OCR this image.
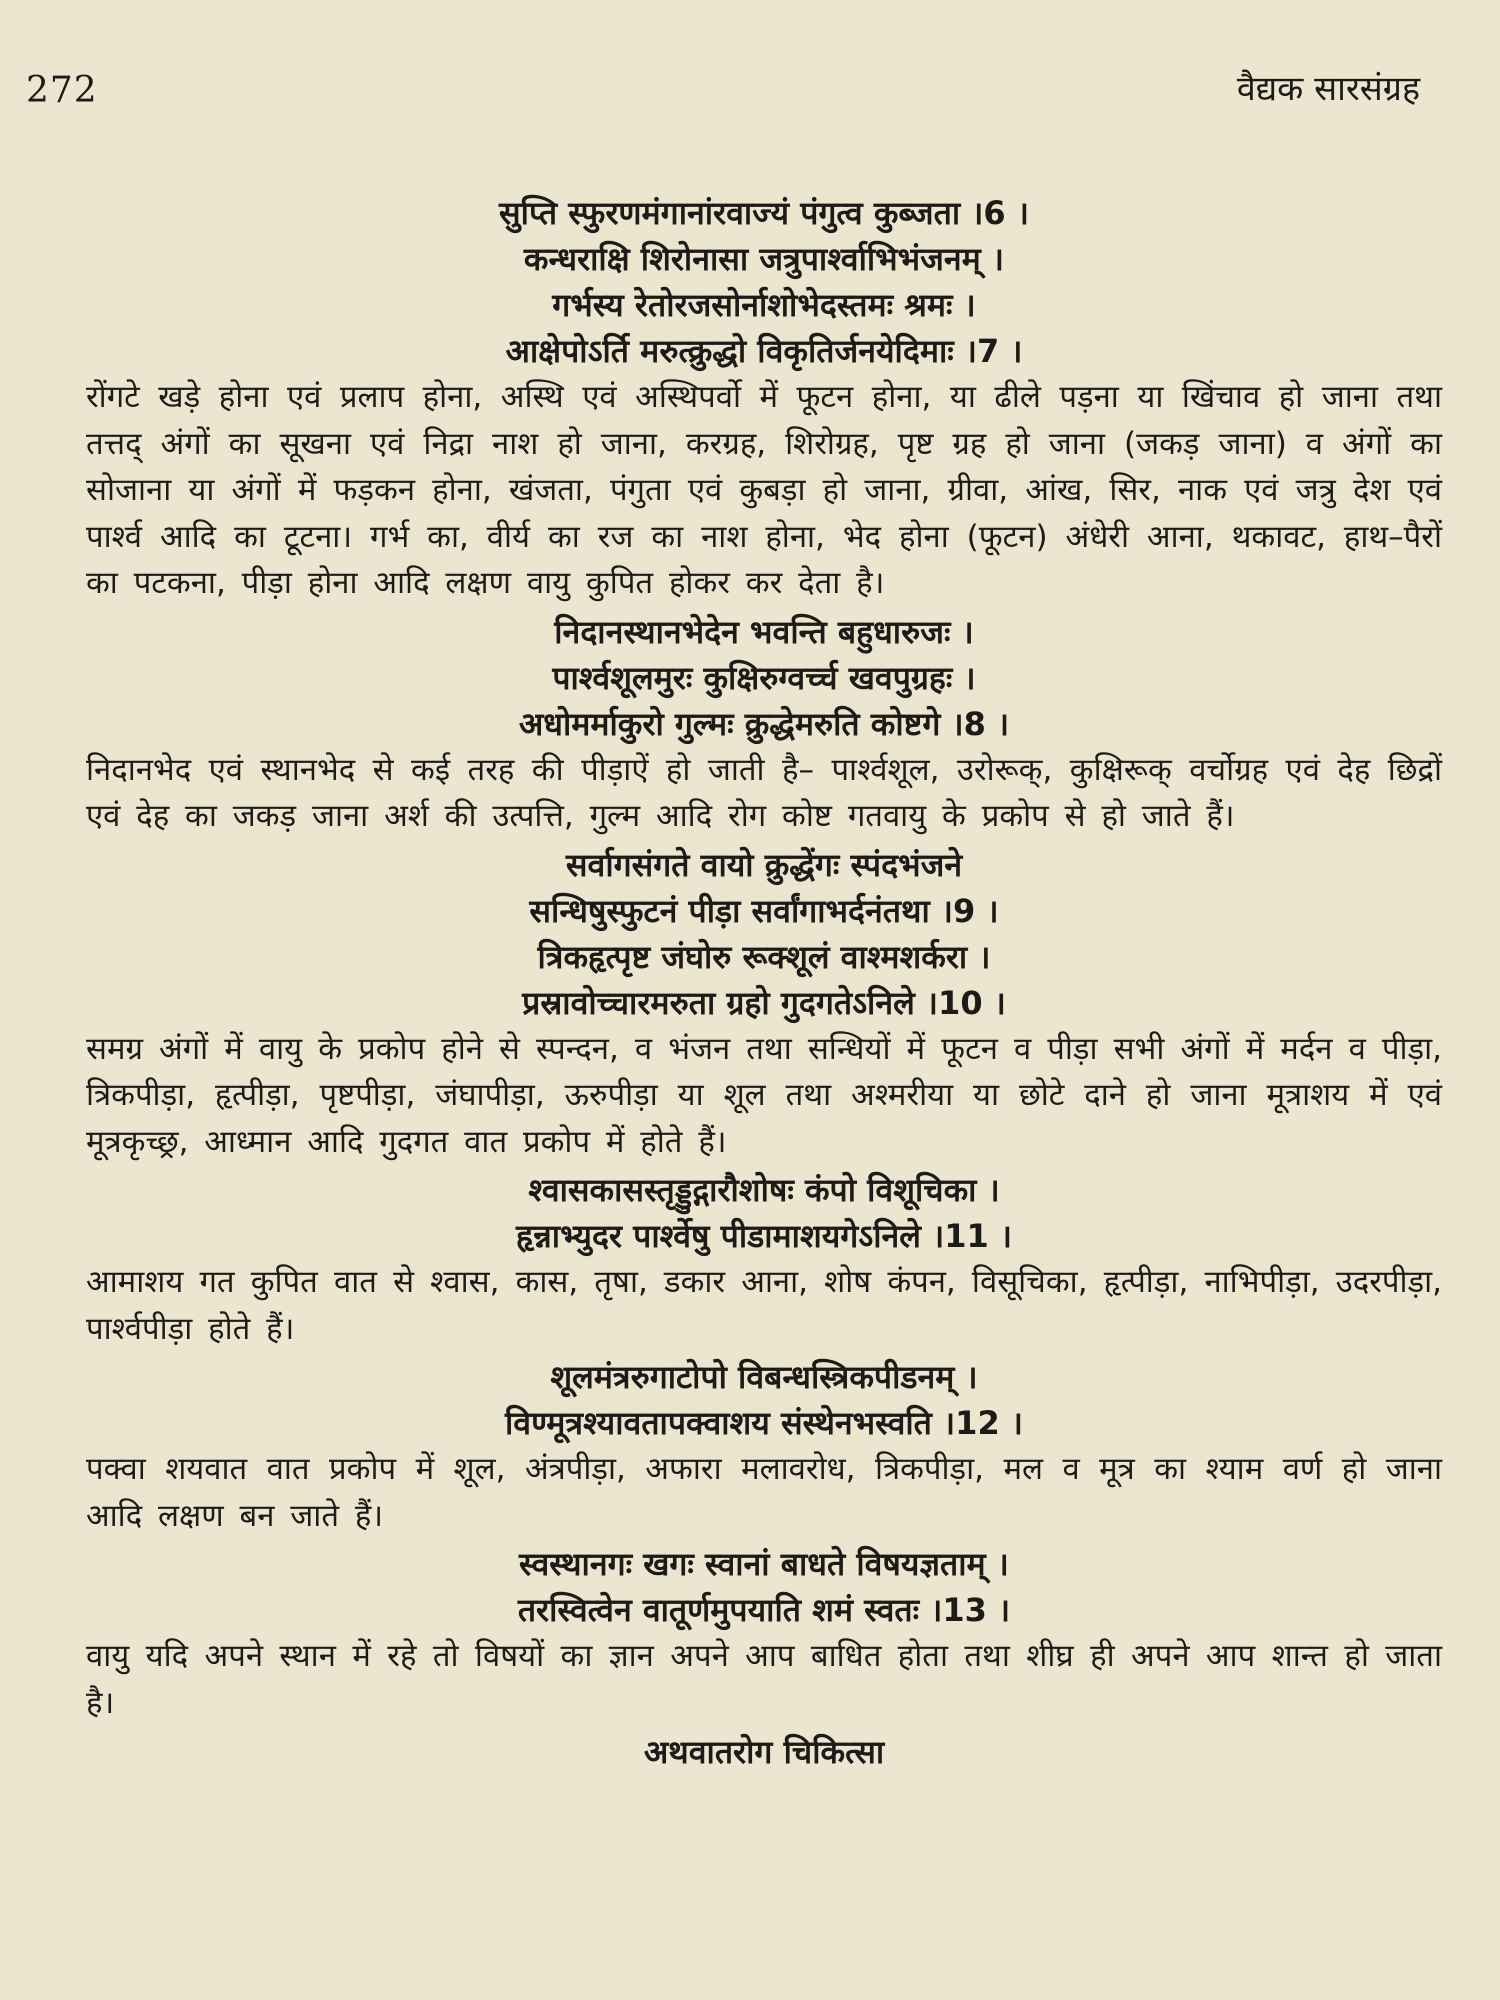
272	वैद्यक सारसंग्रह

सुप्ति स्फुरणमंगानांरवाज्यं पंगुत्व कुब्जता ।6 ।

कन्धराक्षि शिरोनासा जत्रुपार्श्वाभिभंजनम् ।

गर्भस्य रेतोरजसोर्नाशोभेदस्तमः श्रमः ।

आक्षेपोऽर्ति मरुत्क्रुद्धो विकृतिर्जनयेदिमाः ।7 ।

रोंगटे खड़े होना एवं प्रलाप होना, अस्थि एवं अस्थिपर्वो में फूटन होना, या ढीले पड़ना या खिंचाव हो जाना तथा तत्तद् अंगों का सूखना एवं निद्रा नाश हो जाना, करग्रह, शिरोग्रह, पृष्ट ग्रह हो जाना (जकड़ जाना) व अंगों का सोजाना या अंगों में फड़कन होना, खंजता, पंगुता एवं कुबड़ा हो जाना, ग्रीवा, आंख, सिर, नाक एवं जत्रु देश एवं पार्श्व आदि का टूटना। गर्भ का, वीर्य का रज का नाश होना, भेद होना (फूटन) अंधेरी आना, थकावट, हाथ–पैरों का पटकना, पीड़ा होना आदि लक्षण वायु कुपित होकर कर देता है।

निदानस्थानभेदेन भवन्ति बहुधारुजः ।

पार्श्वशूलमुरः कुक्षिरुग्वर्च्च खवपुग्रहः ।

अधोमर्माकुरो गुल्मः क्रुद्धेमरुति कोष्टगे ।8 ।

निदानभेद एवं स्थानभेद से कई तरह की पीड़ाऐं हो जाती है– पार्श्वशूल, उरोरूक्, कुक्षिरूक् वर्चोग्रह एवं देह छिद्रों एवं देह का जकड़ जाना अर्श की उत्पत्ति, गुल्म आदि रोग कोष्ट गतवायु के प्रकोप से हो जाते हैं।

सर्वागसंगते वायो क्रुद्धेंगः स्पंदभंजने

सन्धिषुस्फुटनं पीड़ा सर्वांगाभर्दनंतथा ।9 ।

त्रिकहृत्पृष्ट जंघोरु रूक्शूलं वाश्मशर्करा ।

प्रस्रावोच्चारमरुता ग्रहो गुदगतेऽनिले ।10 ।

समग्र अंगों में वायु के प्रकोप होने से स्पन्दन, व भंजन तथा सन्धियों में फूटन व पीड़ा सभी अंगों में मर्दन व पीड़ा, त्रिकपीड़ा, हृत्पीड़ा, पृष्टपीड़ा, जंघापीड़ा, ऊरुपीड़ा या शूल तथा अश्मरीया या छोटे दाने हो जाना मूत्राशय में एवं मूत्रकृच्छ्र, आध्मान आदि गुदगत वात प्रकोप में होते हैं।

श्वासकासस्तृड्डुद्गारौशोषः कंपो विशूचिका ।

हृन्नाभ्युदर पार्श्वेषु पीडामाशयगेऽनिले ।11 ।

आमाशय गत कुपित वात से श्वास, कास, तृषा, डकार आना, शोष कंपन, विसूचिका, हृत्पीड़ा, नाभिपीड़ा, उदरपीड़ा, पार्श्वपीड़ा होते हैं।

शूलमंत्ररुगाटोपो विबन्धस्त्रिकपीडनम् ।

विण्मूत्रश्यावतापक्वाशय संस्थेनभस्वति ।12 ।

पक्वा शयवात वात प्रकोप में शूल, अंत्रपीड़ा, अफारा मलावरोध, त्रिकपीड़ा, मल व मूत्र का श्याम वर्ण हो जाना आदि लक्षण बन जाते हैं।

स्वस्थानगः खगः स्वानां बाधते विषयज्ञताम् ।

तरस्वित्वेन वातूर्णमुपयाति शमं स्वतः ।13 ।

वायु यदि अपने स्थान में रहे तो विषयों का ज्ञान अपने आप बाधित होता तथा शीघ्र ही अपने आप शान्त हो जाता है।

अथवातरोग चिकित्सा
